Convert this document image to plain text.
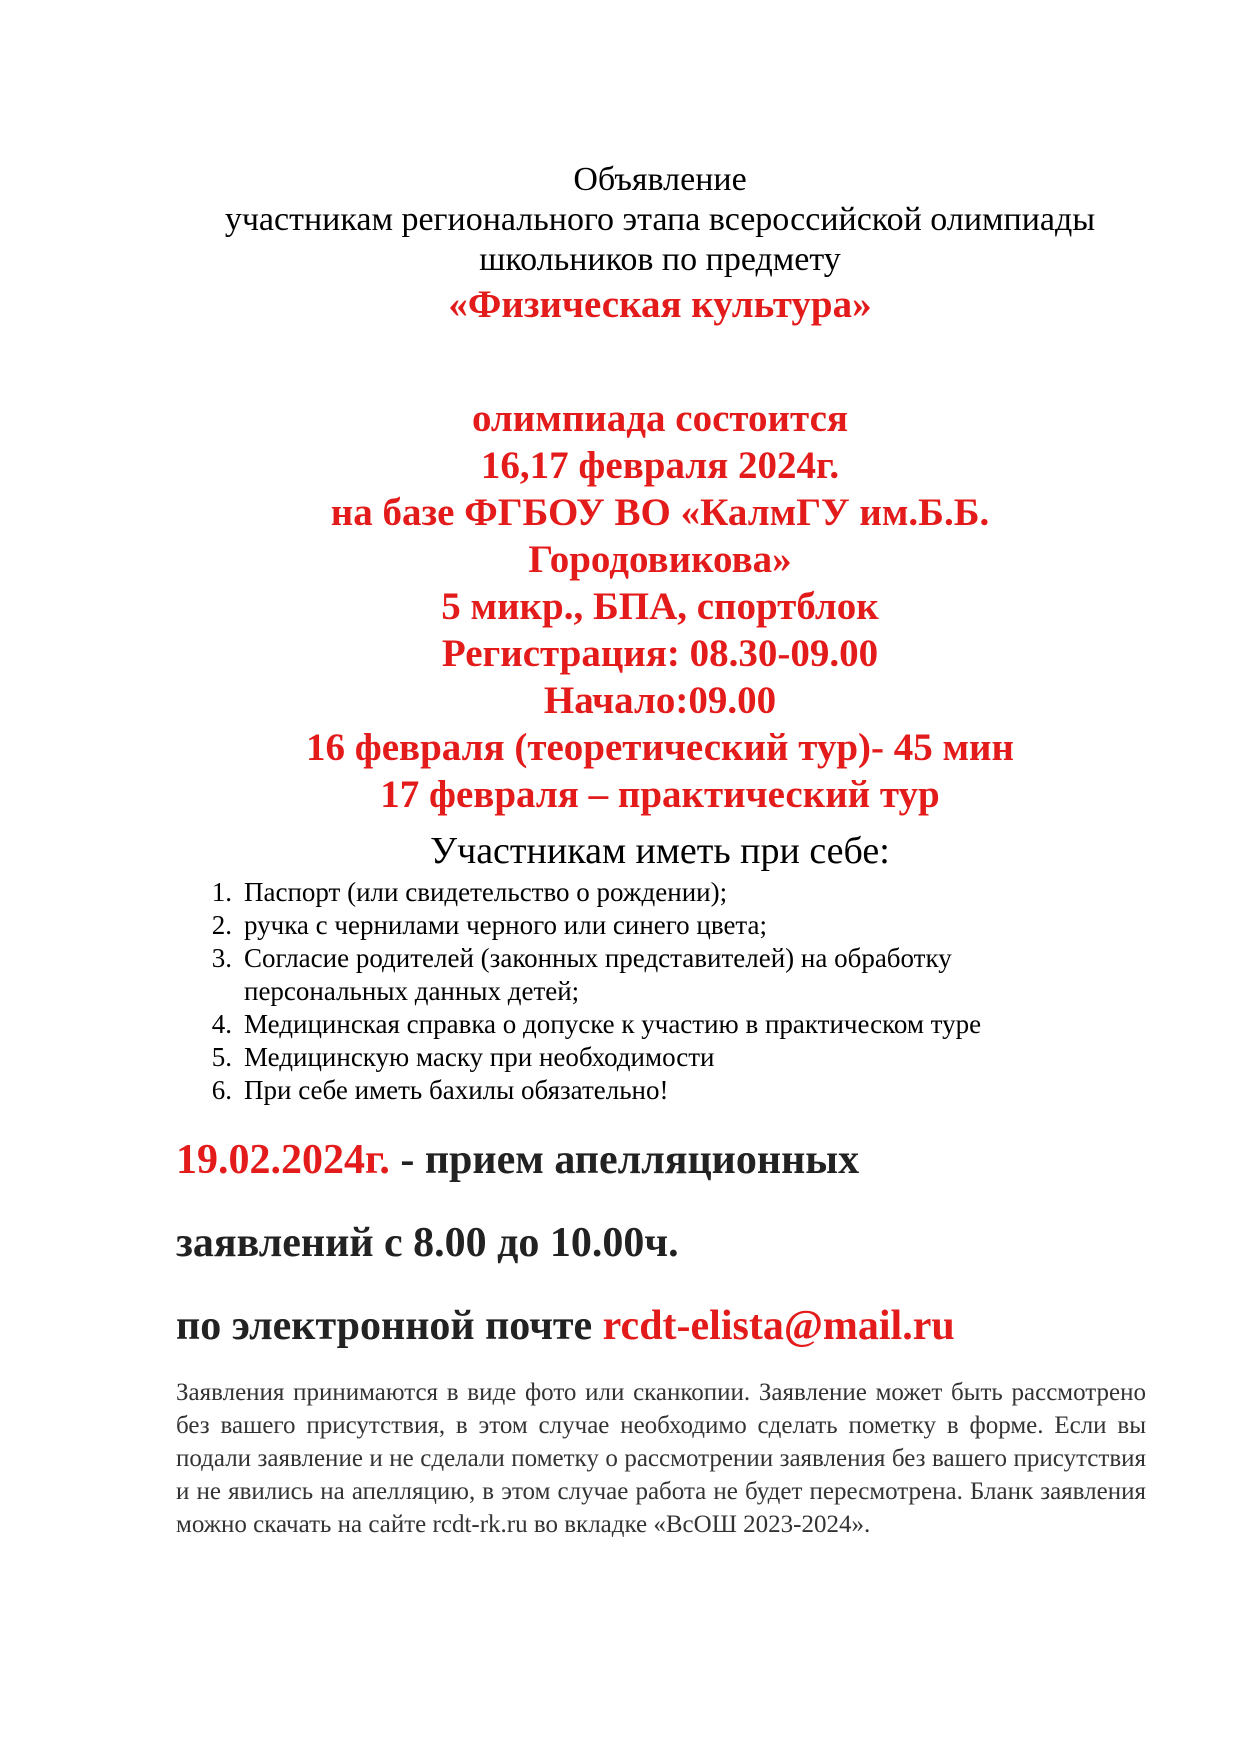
Объявление

участникам регионального этапа всероссийской олимпиады

школьников по предмету

«Физическая культура»

олимпиада состоится

16,17 февраля 2024г.

на базе ФГБОУ ВО «КалмГУ им.Б.Б.

Городовикова»

5 микр., БПА, спортблок

Регистрация: 08.30-09.00

Начало:09.00

16 февраля (теоретический тур)- 45 мин

17 февраля – практический тур

Участникам иметь при себе:
1. Паспорт (или свидетельство о рождении);
2. ручка с чернилами черного или синего цвета;
3. Согласие родителей (законных представителей) на обработку персональных данных детей;
4. Медицинская справка о допуске к участию в практическом туре
5. Медицинскую маску при необходимости
6. При себе иметь бахилы обязательно!
19.02.2024г. - прием апелляционных
заявлений с 8.00 до 10.00ч.
по электронной почте rcdt-elista@mail.ru

Заявления принимаются в виде фото или сканкопии. Заявление может быть рассмотрено без вашего присутствия, в этом случае необходимо сделать пометку в форме. Если вы подали заявление и не сделали пометку о рассмотрении заявления без вашего присутствия и не явились на апелляцию, в этом случае работа не будет пересмотрена. Бланк заявления можно скачать на сайте rcdt-rk.ru во вкладке «ВсОШ 2023-2024».
